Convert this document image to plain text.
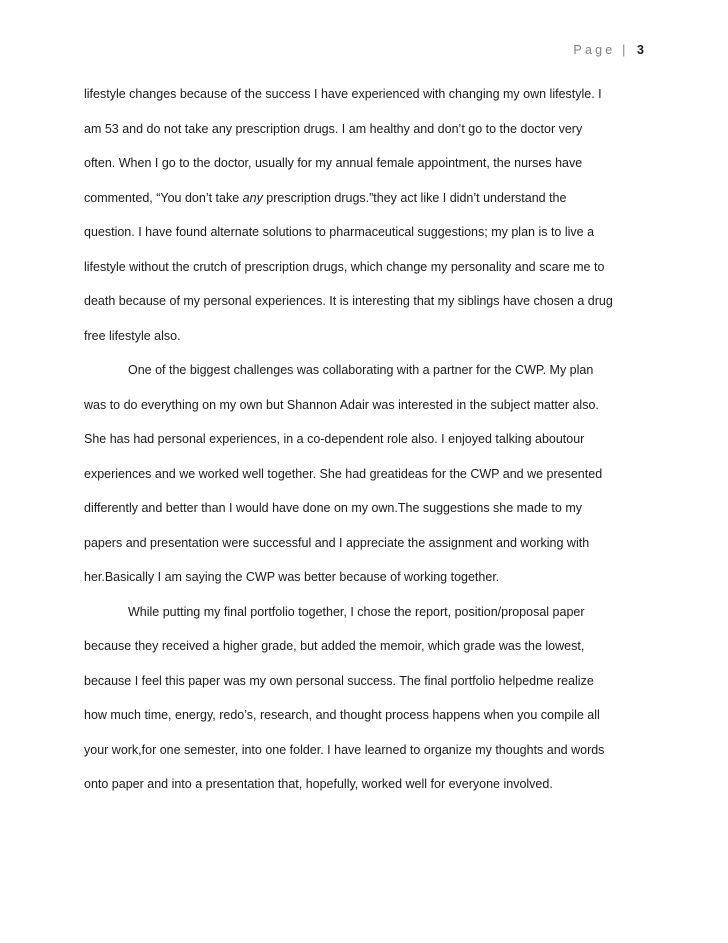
Page | 3
lifestyle changes because of the success I have experienced with changing my own lifestyle. I
am 53 and do not take any prescription drugs. I am healthy and don’t go to the doctor very
often. When I go to the doctor, usually for my annual female appointment, the nurses have
commented, “You don’t take any prescription drugs.”they act like I didn’t understand the
question. I have found alternate solutions to pharmaceutical suggestions; my plan is to live a
lifestyle without the crutch of prescription drugs, which change my personality and scare me to
death because of my personal experiences. It is interesting that my siblings have chosen a drug
free lifestyle also.
One of the biggest challenges was collaborating with a partner for the CWP. My plan
was to do everything on my own but Shannon Adair was interested in the subject matter also.
She has had personal experiences, in a co-dependent role also. I enjoyed talking aboutour
experiences and we worked well together. She had greatideas for the CWP and we presented
differently and better than I would have done on my own.The suggestions she made to my
papers and presentation were successful and I appreciate the assignment and working with
her.Basically I am saying the CWP was better because of working together.
While putting my final portfolio together, I chose the report, position/proposal paper
because they received a higher grade, but added the memoir, which grade was the lowest,
because I feel this paper was my own personal success. The final portfolio helpedme realize
how much time, energy, redo’s, research, and thought process happens when you compile all
your work,for one semester, into one folder. I have learned to organize my thoughts and words
onto paper and into a presentation that, hopefully, worked well for everyone involved.
